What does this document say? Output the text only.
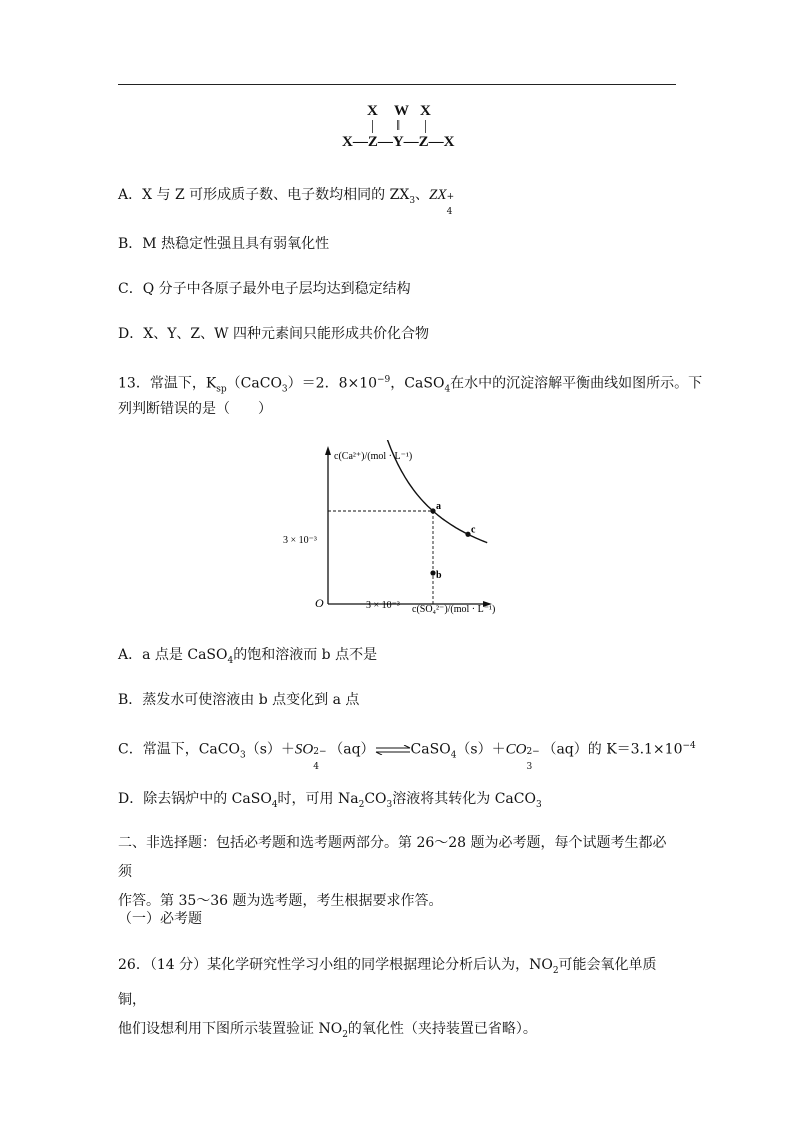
X W X
| ‖ |
X—Z—Y—Z—X
A．X 与 Z 可形成质子数、电子数均相同的 $ZX_3$、ZX +
4
B．M 热稳定性强且具有弱氧化性
C．Q 分子中各原子最外电子层均达到稳定结构
D．X、Y、Z、W 四种元素间只能形成共价化合物
13．常温下，$K_{sp}(CaCO_3)=2$．$8\times 10^{-9}$，CaSO$_4$在水中的沉淀溶解平衡曲线如图所示。下
列判断错误的是（　　）
c(Ca²⁺)/(mol · L⁻¹)
c(SO₄²⁻)/(mol · L⁻¹)
O
3 × 10⁻³
3 × 10⁻³
a
b
c
A．a 点是 CaSO$_4$的饱和溶液而 b 点不是
B．蒸发水可使溶液由 b 点变化到 a 点
C．常温下，CaCO$_3$（s）＋SO 2−
4
（aq）⇌CaSO$_4$（s）＋CO 2−
3
（aq）的 $K=3.1\times 10^{-4}$
D．除去锅炉中的 CaSO$_4$时，可用 $Na_2CO_3$溶液将其转化为 CaCO$_3$
二、非选择题：包括必考题和选考题两部分。第 26～28 题为必考题，每个试题考生都必须
作答。第 35～36 题为选考题，考生根据要求作答。
（一）必考题
26．（14 分）某化学研究性学习小组的同学根据理论分析后认为，$NO_2$可能会氧化单质铜，
他们设想利用下图所示装置验证 $NO_2$的氧化性（夹持装置已省略）。
